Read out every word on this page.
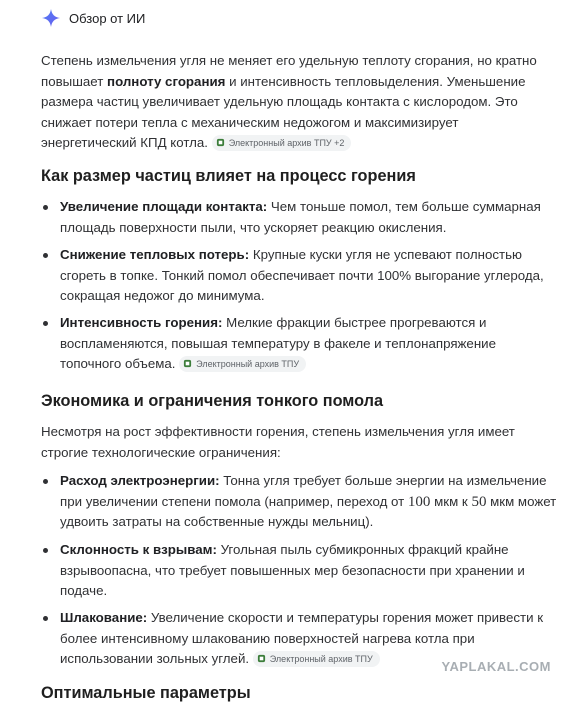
Обзор от ИИ
Степень измельчения угля не меняет его удельную теплоту сгорания, но кратно повышает полноту сгорания и интенсивность тепловыделения. Уменьшение размера частиц увеличивает удельную площадь контакта с кислородом. Это снижает потери тепла с механическим недожогом и максимизирует энергетический КПД котла. Электронный архив ТПУ +2
Как размер частиц влияет на процесс горения
Увеличение площади контакта: Чем тоньше помол, тем больше суммарная площадь поверхности пыли, что ускоряет реакцию окисления.
Снижение тепловых потерь: Крупные куски угля не успевают полностью сгореть в топке. Тонкий помол обеспечивает почти 100% выгорание углерода, сокращая недожог до минимума.
Интенсивность горения: Мелкие фракции быстрее прогреваются и воспламеняются, повышая температуру в факеле и теплонапряжение топочного объема. Электронный архив ТПУ
Экономика и ограничения тонкого помола
Несмотря на рост эффективности горения, степень измельчения угля имеет строгие технологические ограничения:
Расход электроэнергии: Тонна угля требует больше энергии на измельчение при увеличении степени помола (например, переход от 100 мкм к 50 мкм может удвоить затраты на собственные нужды мельниц).
Склонность к взрывам: Угольная пыль субмикронных фракций крайне взрывоопасна, что требует повышенных мер безопасности при хранении и подаче.
Шлакование: Увеличение скорости и температуры горения может привести к более интенсивному шлакованию поверхностей нагрева котла при использовании зольных углей. Электронный архив ТПУ
YAPLAKAL.COM
Оптимальные параметры
